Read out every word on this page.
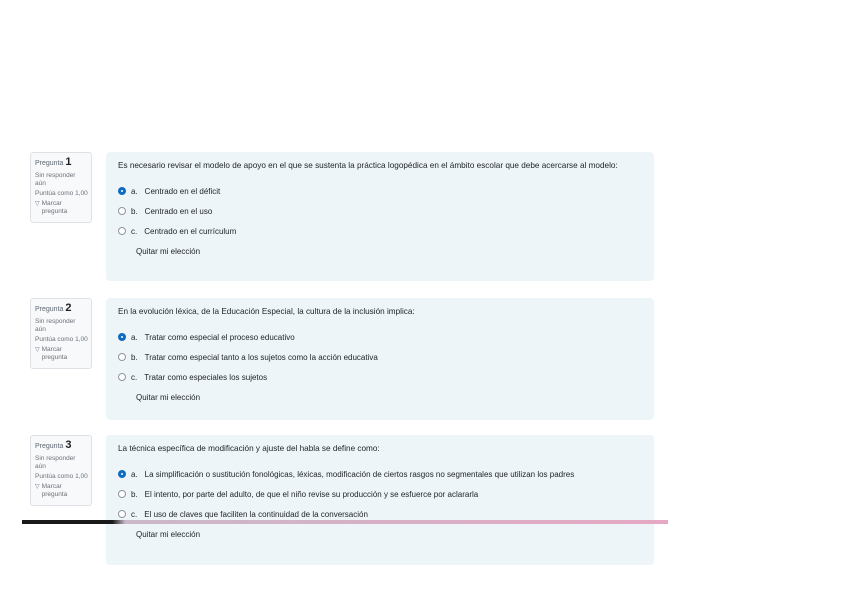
Pregunta 1
Sin responder aún
Puntúa como 1,00
▽ Marcar pregunta
Es necesario revisar el modelo de apoyo en el que se sustenta la práctica logopédica en el ámbito escolar que debe acercarse al modelo:
a. Centrado en el déficit
b. Centrado en el uso
c. Centrado en el currículum
Quitar mi elección
Pregunta 2
Sin responder aún
Puntúa como 1,00
▽ Marcar pregunta
En la evolución léxica, de la Educación Especial, la cultura de la inclusión implica:
a. Tratar como especial el proceso educativo
b. Tratar como especial tanto a los sujetos como la acción educativa
c. Tratar como especiales los sujetos
Quitar mi elección
Pregunta 3
Sin responder aún
Puntúa como 1,00
▽ Marcar pregunta
La técnica específica de modificación y ajuste del habla se define como:
a. La simplificación o sustitución fonológicas, léxicas, modificación de ciertos rasgos no segmentales que utilizan los padres
b. El intento, por parte del adulto, de que el niño revise su producción y se esfuerce por aclararla
c. El uso de claves que faciliten la continuidad de la conversación
Quitar mi elección
